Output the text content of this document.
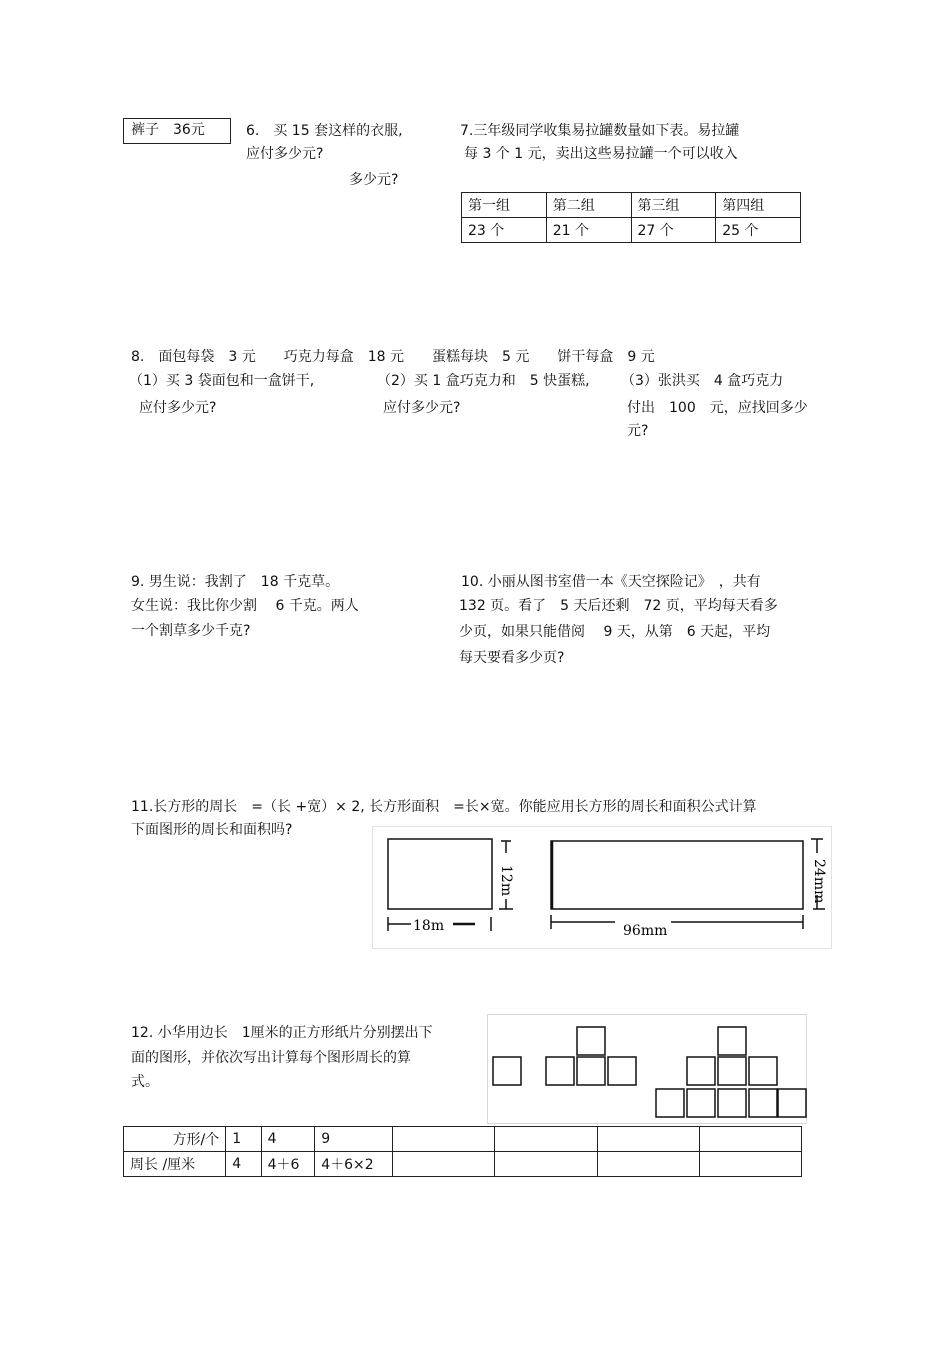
裤子　36元	6.　买 15 套这样的衣服,
应付多少元?
7.三年级同学收集易拉罐数量如下表。易拉罐
每 3 个 1 元，卖出这些易拉罐一个可以收入
多少元?
第一组	第二组	第三组	第四组
23 个	21 个	27 个	25 个
8.　面包每袋　3 元　　巧克力每盒　18 元　　蛋糕每块　5 元　　饼干每盒　9 元
（1）买 3 袋面包和一盒饼干,
应付多少元?
（2）买 1 盒巧克力和　5 快蛋糕,
应付多少元?
（3）张洪买　4 盒巧克力
付出　100　元，应找回多少
元?
9. 男生说：我割了　18 千克草。
女生说：我比你少割　 6 千克。两人
一个割草多少千克?
10. 小丽从图书室借一本《天空探险记》　，共有
132 页。看了　5 天后还剩　72 页，平均每天看多
少页，如果只能借阅　 9 天，从第　6 天起，平均
每天要看多少页?
11.长方形的周长　=（长 +宽）× 2, 长方形面积　=长×宽。你能应用长方形的周长和面积公式计算
下面图形的周长和面积吗?
12m
18m
24mm
96mm
12. 小华用边长　1厘米的正方形纸片分别摆出下
面的图形，并依次写出计算每个图形周长的算
式。
方形/个	1	4	9				
周长 /厘米	4	4＋6	4＋6×2				
